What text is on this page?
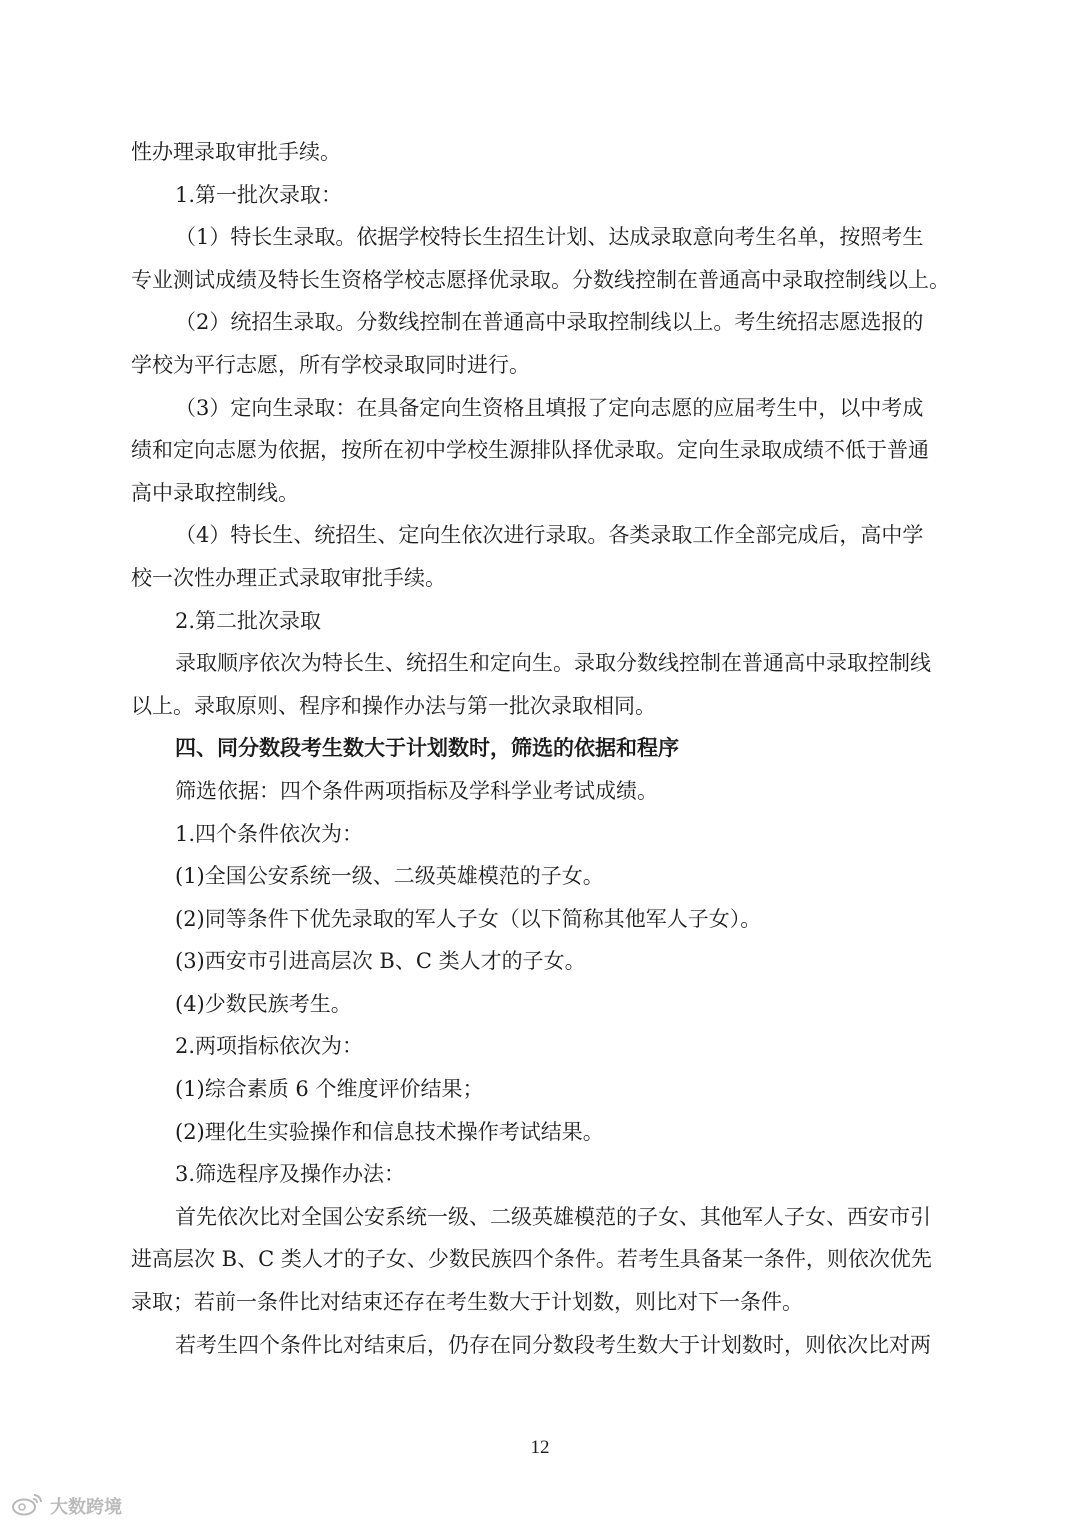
性办理录取审批手续。
1.第一批次录取：
（1）特长生录取。依据学校特长生招生计划、达成录取意向考生名单，按照考生
专业测试成绩及特长生资格学校志愿择优录取。分数线控制在普通高中录取控制线以上。
（2）统招生录取。分数线控制在普通高中录取控制线以上。考生统招志愿选报的
学校为平行志愿，所有学校录取同时进行。
（3）定向生录取：在具备定向生资格且填报了定向志愿的应届考生中，以中考成
绩和定向志愿为依据，按所在初中学校生源排队择优录取。定向生录取成绩不低于普通
高中录取控制线。
（4）特长生、统招生、定向生依次进行录取。各类录取工作全部完成后，高中学
校一次性办理正式录取审批手续。
2.第二批次录取
录取顺序依次为特长生、统招生和定向生。录取分数线控制在普通高中录取控制线
以上。录取原则、程序和操作办法与第一批次录取相同。
四、同分数段考生数大于计划数时，筛选的依据和程序
筛选依据：四个条件两项指标及学科学业考试成绩。
1.四个条件依次为：
(1)全国公安系统一级、二级英雄模范的子女。
(2)同等条件下优先录取的军人子女（以下简称其他军人子女）。
(3)西安市引进高层次 B、C 类人才的子女。
(4)少数民族考生。
2.两项指标依次为：
(1)综合素质 6 个维度评价结果；
(2)理化生实验操作和信息技术操作考试结果。
3.筛选程序及操作办法：
首先依次比对全国公安系统一级、二级英雄模范的子女、其他军人子女、西安市引
进高层次 B、C 类人才的子女、少数民族四个条件。若考生具备某一条件，则依次优先
录取；若前一条件比对结束还存在考生数大于计划数，则比对下一条件。
若考生四个条件比对结束后，仍存在同分数段考生数大于计划数时，则依次比对两
12
大数跨境
